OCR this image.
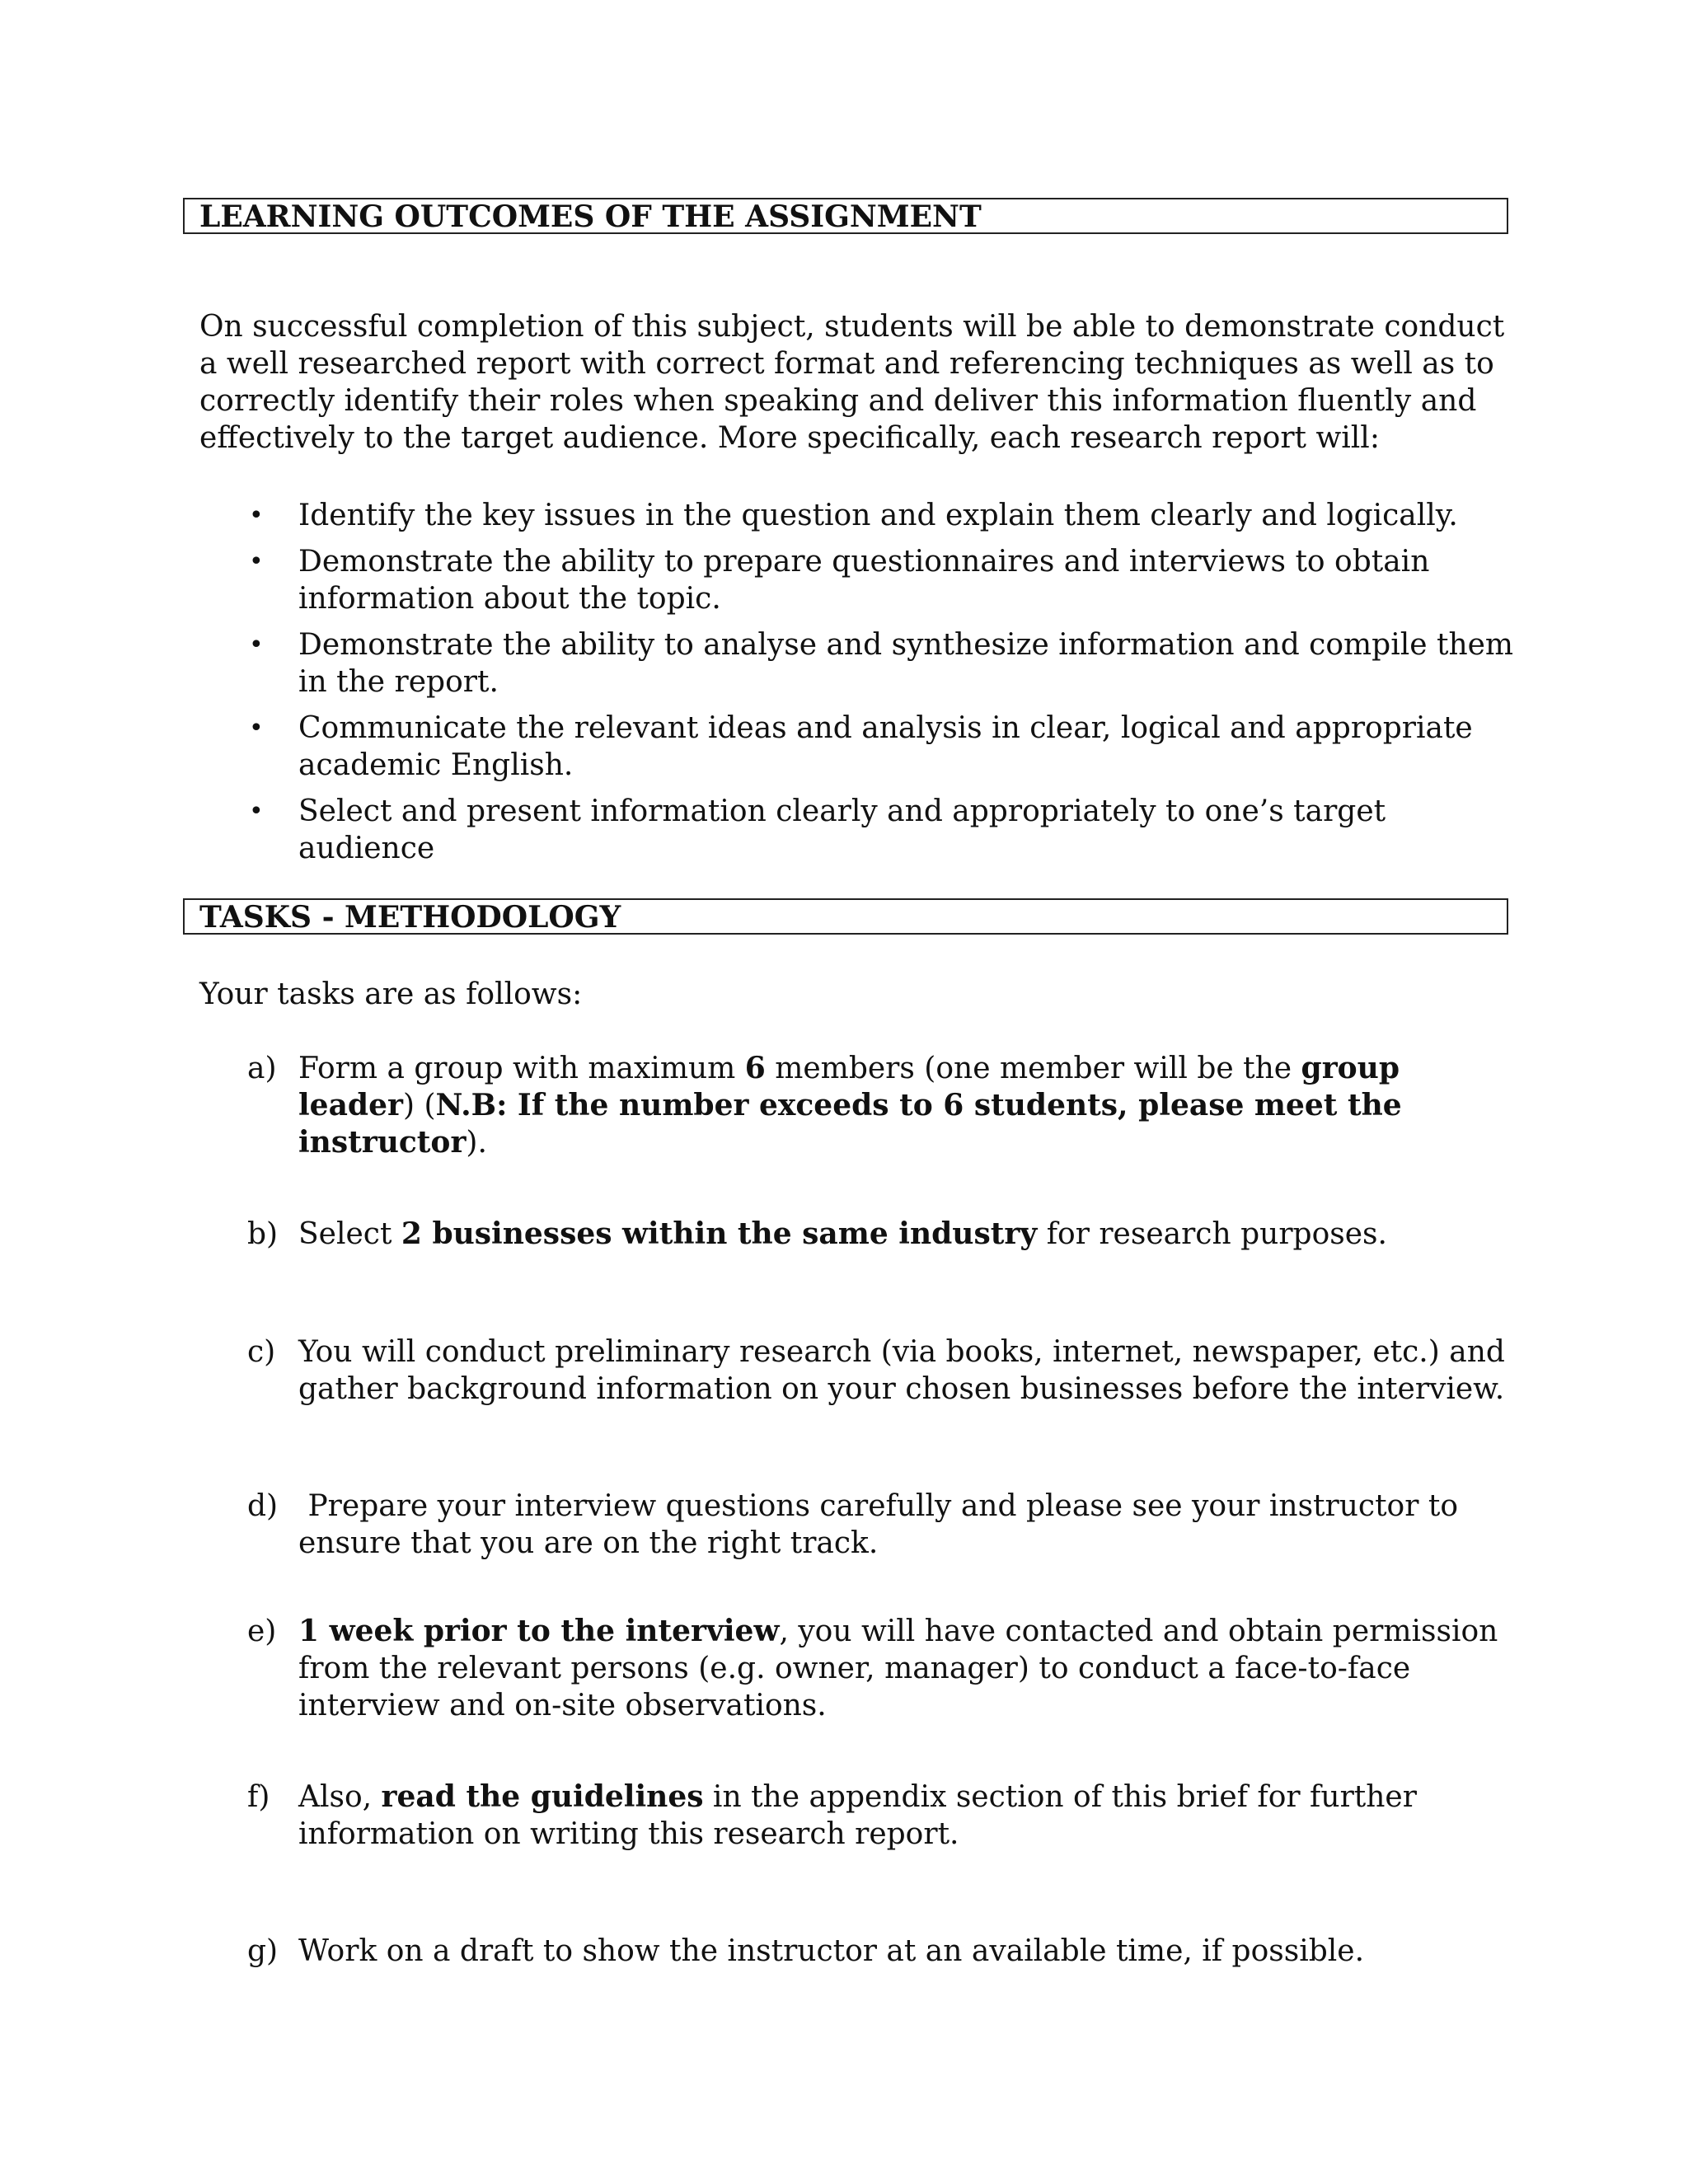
LEARNING OUTCOMES OF THE ASSIGNMENT
On successful completion of this subject, students will be able to demonstrate conduct a well researched report with correct format and referencing techniques as well as to correctly identify their roles when speaking and deliver this information fluently and effectively to the target audience. More specifically, each research report will:
• Identify the key issues in the question and explain them clearly and logically.
• Demonstrate the ability to prepare questionnaires and interviews to obtain information about the topic.
• Demonstrate the ability to analyse and synthesize information and compile them in the report.
• Communicate the relevant ideas and analysis in clear, logical and appropriate academic English.
• Select and present information clearly and appropriately to one’s target audience
TASKS - METHODOLOGY
Your tasks are as follows:
a) Form a group with maximum 6 members (one member will be the group leader) (N.B: If the number exceeds to 6 students, please meet the instructor).
b) Select 2 businesses within the same industry for research purposes.
c) You will conduct preliminary research (via books, internet, newspaper, etc.) and gather background information on your chosen businesses before the interview.
d) Prepare your interview questions carefully and please see your instructor to ensure that you are on the right track.
e) 1 week prior to the interview, you will have contacted and obtain permission from the relevant persons (e.g. owner, manager) to conduct a face-to-face interview and on-site observations.
f) Also, read the guidelines in the appendix section of this brief for further information on writing this research report.
g) Work on a draft to show the instructor at an available time, if possible.
